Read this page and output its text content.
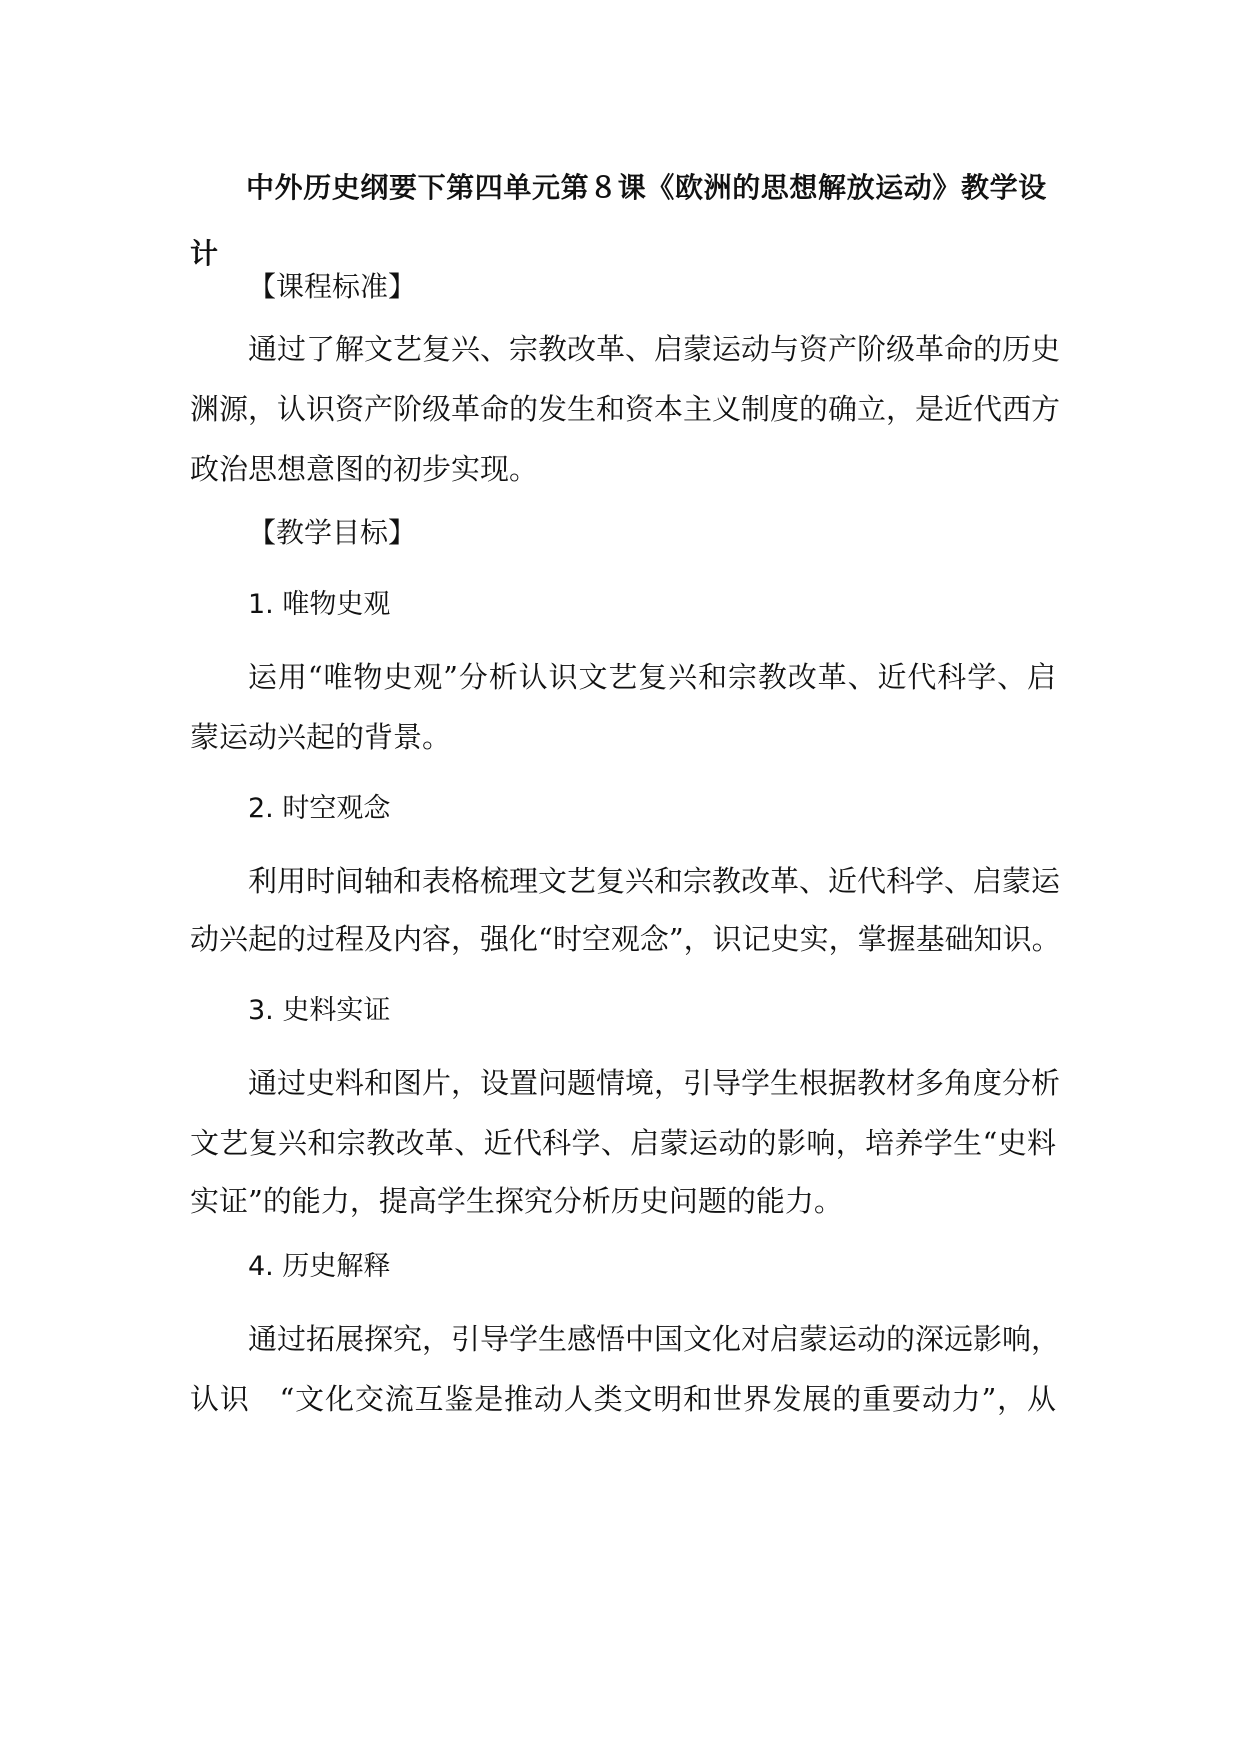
中外历史纲要下第四单元第８课《欧洲的思想解放运动》教学设计

【课程标准】

通过了解文艺复兴、宗教改革、启蒙运动与资产阶级革命的历史

渊源，认识资产阶级革命的发生和资本主义制度的确立，是近代西方

政治思想意图的初步实现。

【教学目标】

1. 唯物史观

运用“唯物史观”分析认识文艺复兴和宗教改革、近代科学、启

蒙运动兴起的背景。

2. 时空观念

利用时间轴和表格梳理文艺复兴和宗教改革、近代科学、启蒙运

动兴起的过程及内容，强化“时空观念”，识记史实，掌握基础知识。

3. 史料实证

通过史料和图片，设置问题情境，引导学生根据教材多角度分析

文艺复兴和宗教改革、近代科学、启蒙运动的影响，培养学生“史料

实证”的能力，提高学生探究分析历史问题的能力。

4. 历史解释

通过拓展探究，引导学生感悟中国文化对启蒙运动的深远影响，

认识　“文化交流互鉴是推动人类文明和世界发展的重要动力”，从
